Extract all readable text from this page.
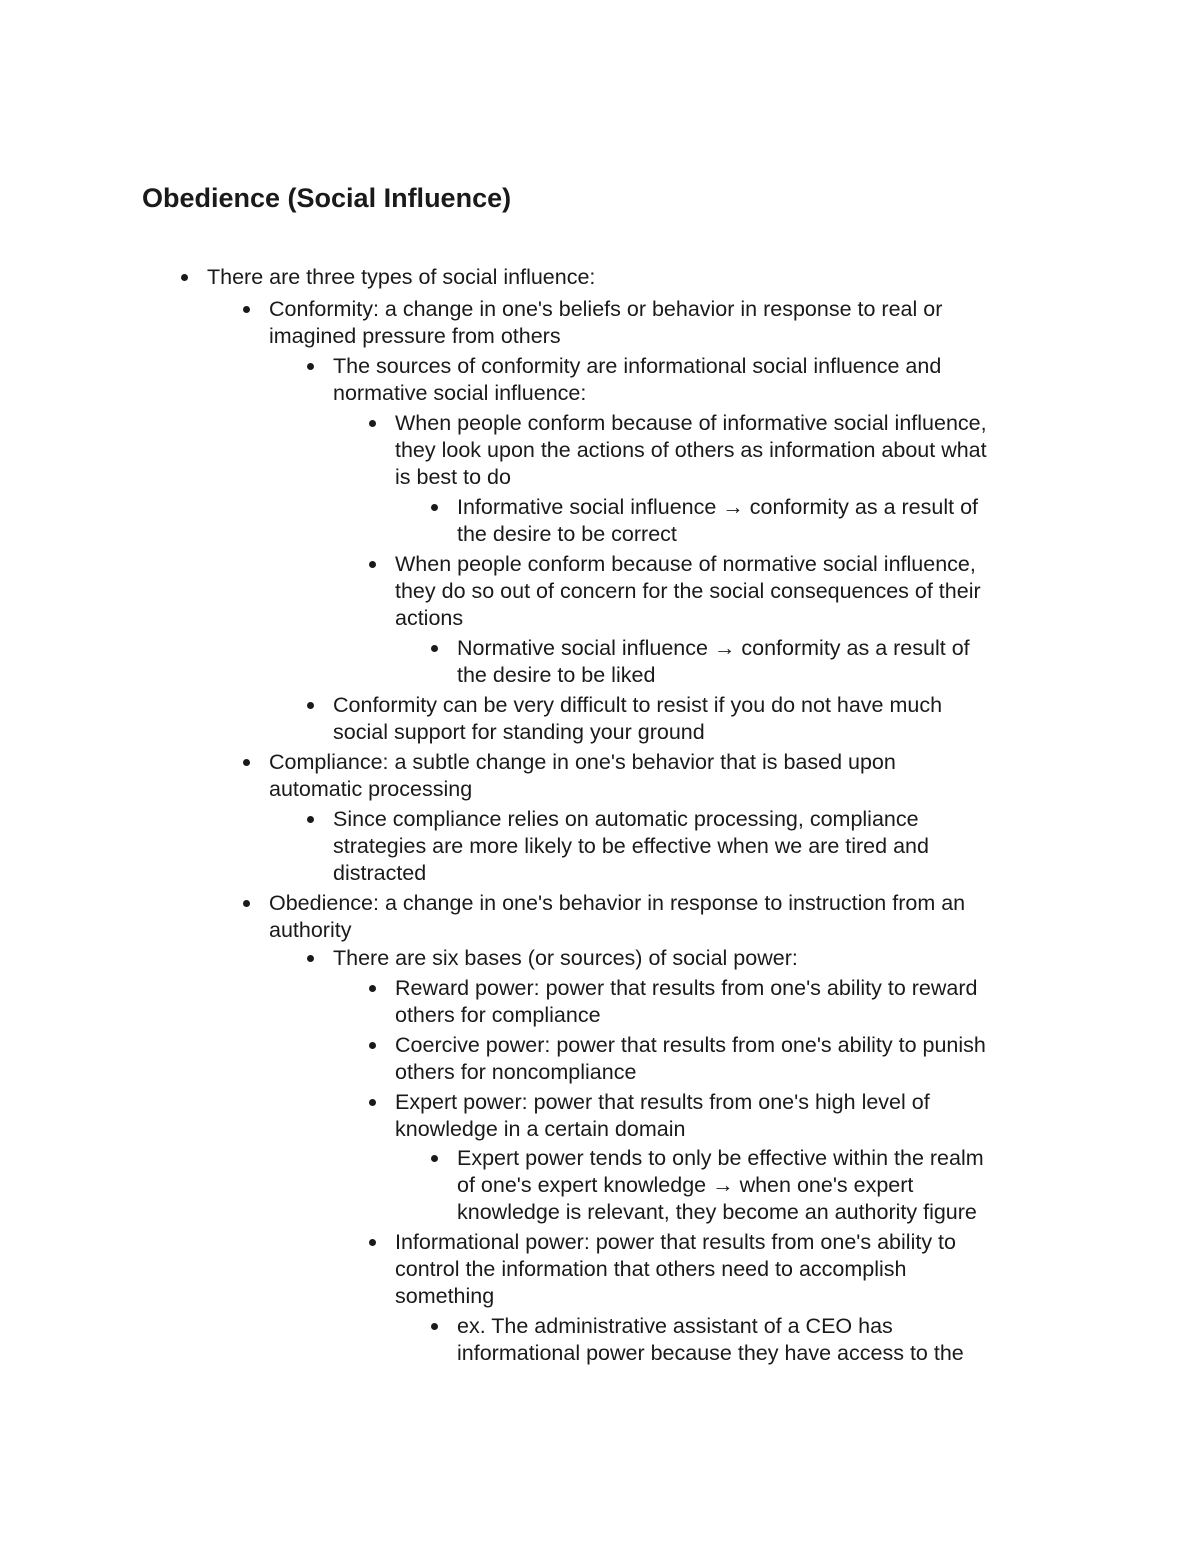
Obedience (Social Influence)
There are three types of social influence:
Conformity: a change in one's beliefs or behavior in response to real or
imagined pressure from others
The sources of conformity are informational social influence and
normative social influence:
When people conform because of informative social influence,
they look upon the actions of others as information about what
is best to do
Informative social influence → conformity as a result of
the desire to be correct
When people conform because of normative social influence,
they do so out of concern for the social consequences of their
actions
Normative social influence → conformity as a result of
the desire to be liked
Conformity can be very difficult to resist if you do not have much
social support for standing your ground
Compliance: a subtle change in one's behavior that is based upon
automatic processing
Since compliance relies on automatic processing, compliance
strategies are more likely to be effective when we are tired and
distracted
Obedience: a change in one's behavior in response to instruction from an
authority
There are six bases (or sources) of social power:
Reward power: power that results from one's ability to reward
others for compliance
Coercive power: power that results from one's ability to punish
others for noncompliance
Expert power: power that results from one's high level of
knowledge in a certain domain
Expert power tends to only be effective within the realm
of one's expert knowledge → when one's expert
knowledge is relevant, they become an authority figure
Informational power: power that results from one's ability to
control the information that others need to accomplish
something
ex. The administrative assistant of a CEO has
informational power because they have access to the
